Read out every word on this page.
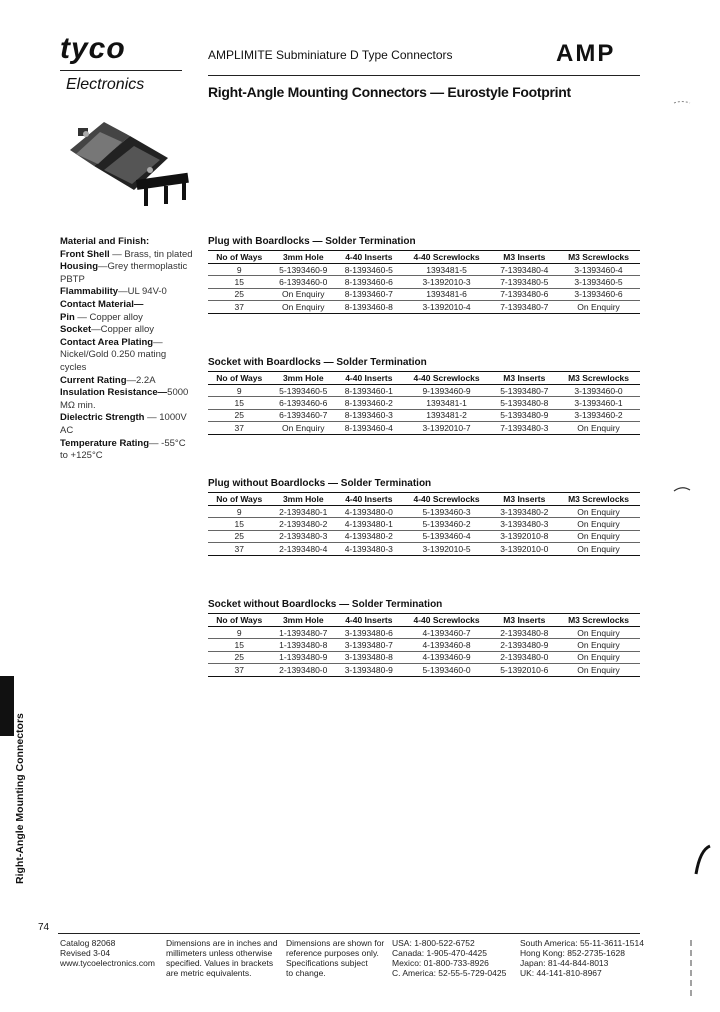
tyco
Electronics
AMPLIMITE Subminiature D Type Connectors	AMP
Right-Angle Mounting Connectors — Eurostyle Footprint
Material and Finish:
Front Shell — Brass, tin plated
Housing—Grey thermoplastic PBTP
Flammability—UL 94V-0
Contact Material—
Pin — Copper alloy
Socket—Copper alloy
Contact Area Plating—Nickel/Gold 0.250 mating cycles
Current Rating—2.2A
Insulation Resistance—5000 MΩ min.
Dielectric Strength — 1000V AC
Temperature Rating— -55°C to +125°C
Plug with Boardlocks — Solder Termination
No of Ways	3mm Hole	4-40 Inserts	4-40 Screwlocks	M3 Inserts	M3 Screwlocks
9	5-1393460-9	8-1393460-5	1393481-5	7-1393480-4	3-1393460-4
15	6-1393460-0	8-1393460-6	3-1392010-3	7-1393480-5	3-1393460-5
25	On Enquiry	8-1393460-7	1393481-6	7-1393480-6	3-1393460-6
37	On Enquiry	8-1393460-8	3-1392010-4	7-1393480-7	On Enquiry
Socket with Boardlocks — Solder Termination
No of Ways	3mm Hole	4-40 Inserts	4-40 Screwlocks	M3 Inserts	M3 Screwlocks
9	5-1393460-5	8-1393460-1	9-1393460-9	5-1393480-7	3-1393460-0
15	6-1393460-6	8-1393460-2	1393481-1	5-1393480-8	3-1393460-1
25	6-1393460-7	8-1393460-3	1393481-2	5-1393480-9	3-1393460-2
37	On Enquiry	8-1393460-4	3-1392010-7	7-1393480-3	On Enquiry
Plug without Boardlocks — Solder Termination
No of Ways	3mm Hole	4-40 Inserts	4-40 Screwlocks	M3 Inserts	M3 Screwlocks
9	2-1393480-1	4-1393480-0	5-1393460-3	3-1393480-2	On Enquiry
15	2-1393480-2	4-1393480-1	5-1393460-2	3-1393480-3	On Enquiry
25	2-1393480-3	4-1393480-2	5-1393460-4	3-1392010-8	On Enquiry
37	2-1393480-4	4-1393480-3	3-1392010-5	3-1392010-0	On Enquiry
Socket without Boardlocks — Solder Termination
No of Ways	3mm Hole	4-40 Inserts	4-40 Screwlocks	M3 Inserts	M3 Screwlocks
9	1-1393480-7	3-1393480-6	4-1393460-7	2-1393480-8	On Enquiry
15	1-1393480-8	3-1393480-7	4-1393460-8	2-1393480-9	On Enquiry
25	1-1393480-9	3-1393480-8	4-1393460-9	2-1393480-0	On Enquiry
37	2-1393480-0	3-1393480-9	5-1393460-0	5-1392010-6	On Enquiry
Right-Angle Mounting Connectors
74
Catalog 82068
Revised 3-04
www.tycoelectronics.com
Dimensions are in inches and
millimeters unless otherwise
specified. Values in brackets
are metric equivalents.
Dimensions are shown for
reference purposes only.
Specifications subject
to change.
USA: 1-800-522-6752
Canada: 1-905-470-4425
Mexico: 01-800-733-8926
C. America: 52-55-5-729-0425
South America: 55-11-3611-1514
Hong Kong: 852-2735-1628
Japan: 81-44-844-8013
UK: 44-141-810-8967
